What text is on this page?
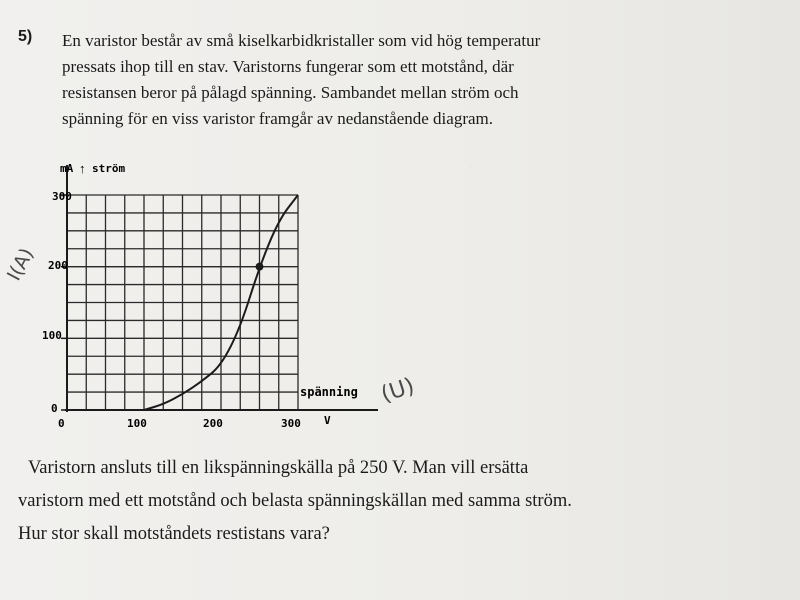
·
5) En varistor består av små kiselkarbidkristaller som vid hög temperatur
pressats ihop till en stav. Varistorns fungerar som ett motstånd, där
resistansen beror på pålagd spänning. Sambandet mellan ström och
spänning för en viss varistor framgår av nedanstående diagram.
mA ↑ ström
spänning
V
300
200
100
0
0	100	200	300
I(A)
(U)
Varistorn ansluts till en likspänningskälla på 250 V. Man vill ersätta
varistorn med ett motstånd och belasta spänningskällan med samma ström.
Hur stor skall motståndets restistans vara?
